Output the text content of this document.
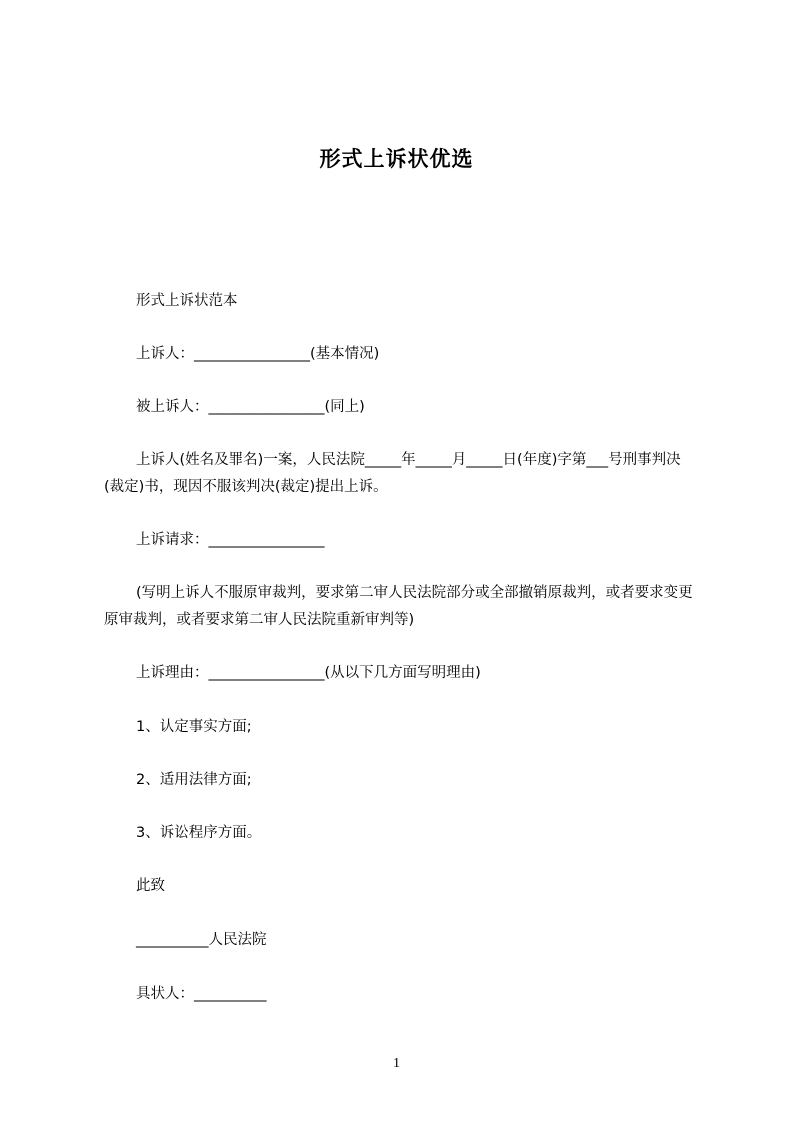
形式上诉状优选
形式上诉状范本
上诉人：________________(基本情况)
被上诉人：________________(同上)
上诉人(姓名及罪名)一案，人民法院_____年_____月_____日(年度)字第___号刑事判决(裁定)书，现因不服该判决(裁定)提出上诉。
上诉请求：________________
(写明上诉人不服原审裁判，要求第二审人民法院部分或全部撤销原裁判，或者要求变更原审裁判，或者要求第二审人民法院重新审判等)
上诉理由：________________(从以下几方面写明理由)
1、认定事实方面;
2、适用法律方面;
3、诉讼程序方面。
此致
__________人民法院
具状人：__________
1
